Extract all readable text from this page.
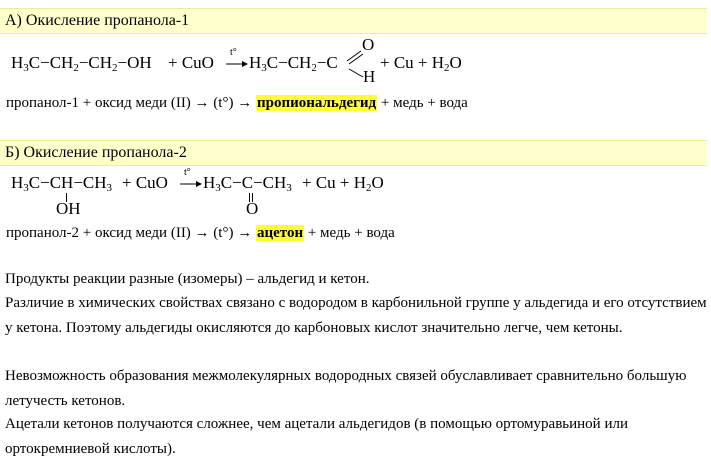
А) Окисление пропанола-1
$H_3C-CH_2-CH_2-OH$ + CuO
t°
$H_3C-CH_2-C$
O
H
+ $Cu + H_2O$
пропанол-1 + оксид меди (II) → (t°) → пропиональдегид + медь + вода
Б) Окисление пропанола-2
$H_3C-CH-CH_3$
OH
+ CuO
t°
$H_3C-C-CH_3$
O
+ $Cu + H_2O$
пропанол-2 + оксид меди (II) → (t°) → ацетон + медь + вода
Продукты реакции разные (изомеры) – альдегид и кетон.
Различие в химических свойствах связано с водородом в карбонильной группе у альдегида и его отсутствием у кетона. Поэтому альдегиды окисляются до карбоновых кислот значительно легче, чем кетоны.
Невозможность образования межмолекулярных водородных связей обуславливает сравнительно большую летучесть кетонов.
Ацетали кетонов получаются сложнее, чем ацетали альдегидов (в помощью ортомуравьиной или ортокремниевой кислоты).
